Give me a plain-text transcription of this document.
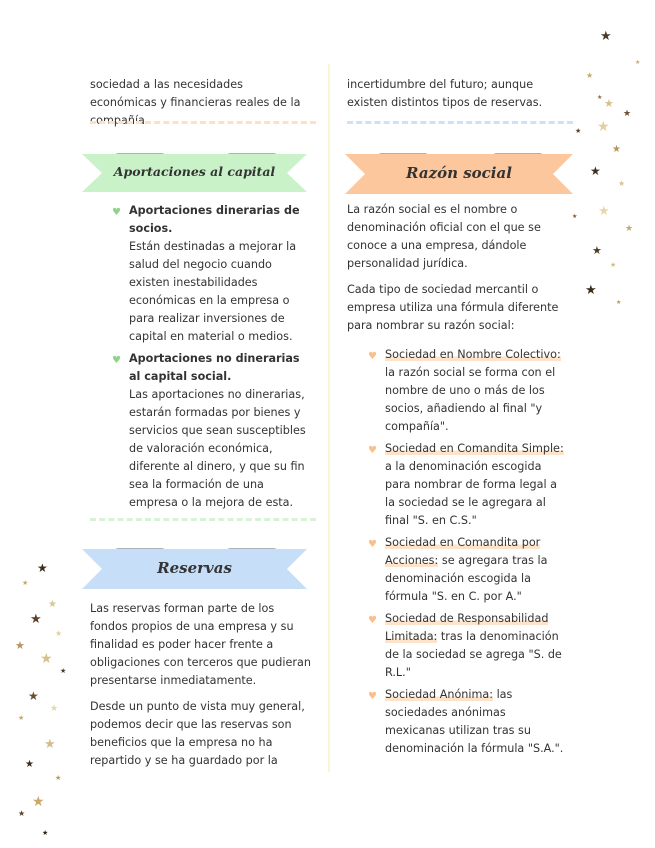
sociedad a las necesidades económicas y financieras reales de la compañía.

Aportaciones al capital
♥ Aportaciones dinerarias de socios.
Están destinadas a mejorar la salud del negocio cuando existen inestabilidades económicas en la empresa o para realizar inversiones de capital en material o medios.
♥ Aportaciones no dinerarias al capital social.
Las aportaciones no dinerarias, estarán formadas por bienes y servicios que sean susceptibles de valoración económica, diferente al dinero, y que su fin sea la formación de una empresa o la mejora de esta.
Reservas

Las reservas forman parte de los fondos propios de una empresa y su finalidad es poder hacer frente a obligaciones con terceros que pudieran presentarse inmediatamente.

Desde un punto de vista muy general, podemos decir que las reservas son beneficios que la empresa no ha repartido y se ha guardado por la

incertidumbre del futuro; aunque existen distintos tipos de reservas.

Razón social

La razón social es el nombre o denominación oficial con el que se conoce a una empresa, dándole personalidad jurídica.

Cada tipo de sociedad mercantil o empresa utiliza una fórmula diferente para nombrar su razón social:

♥ Sociedad en Nombre Colectivo: la razón social se forma con el nombre de uno o más de los socios, añadiendo al final "y compañía".
♥ Sociedad en Comandita Simple: a la denominación escogida para nombrar de forma legal a la sociedad se le agregara al final "S. en C.S."
♥ Sociedad en Comandita por Acciones: se agregara tras la denominación escogida la fórmula "S. en C. por A."
♥ Sociedad de Responsabilidad Limitada: tras la denominación de la sociedad se agrega "S. de R.L."
♥ Sociedad Anónima: las sociedades anónimas mexicanas utilizan tras su denominación la fórmula "S.A.".
★
★
★
★
★
★
★
★
★
★
★
★
★
★
★
★
★
★
★
★
★
★
★
★
★
★
★
★
★
★
★
★
★
★
★
